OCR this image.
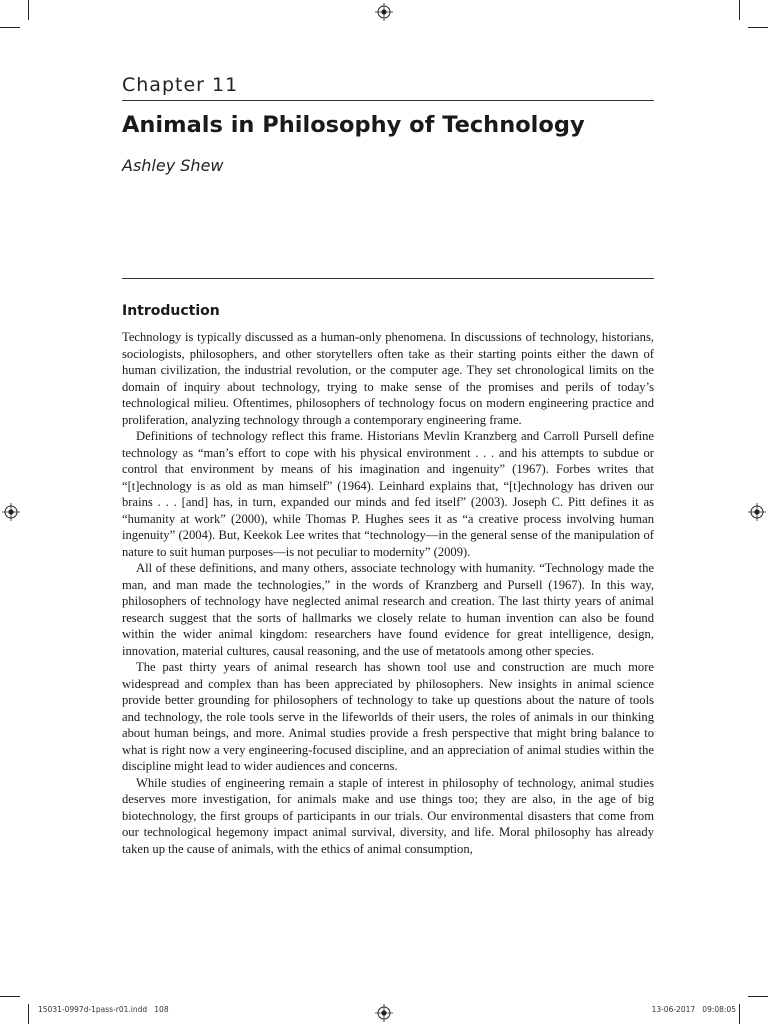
Chapter 11
Animals in Philosophy of Technology
Ashley Shew
Introduction

Technology is typically discussed as a human-only phenomena. In discussions of technology, historians, sociologists, philosophers, and other storytellers often take as their starting points either the dawn of human civilization, the industrial revolution, or the computer age. They set chronological limits on the domain of inquiry about technology, trying to make sense of the promises and perils of today’s technological milieu. Oftentimes, philosophers of technology focus on modern engineering practice and proliferation, analyzing technology through a contemporary engineering frame.

Definitions of technology reflect this frame. Historians Mevlin Kranzberg and Carroll Pursell define technology as “man’s effort to cope with his physical environment . . . and his attempts to subdue or control that environment by means of his imagination and ingenuity” (1967). Forbes writes that “[t]echnology is as old as man himself” (1964). Leinhard explains that, “[t]echnology has driven our brains . . . [and] has, in turn, expanded our minds and fed itself” (2003). Joseph C. Pitt defines it as “humanity at work” (2000), while Thomas P. Hughes sees it as “a creative process involving human ingenuity” (2004). But, Keekok Lee writes that “technology—in the general sense of the manipulation of nature to suit human purposes—is not peculiar to modernity” (2009).

All of these definitions, and many others, associate technology with humanity. “Technology made the man, and man made the technologies,” in the words of Kranzberg and Pursell (1967). In this way, philosophers of technology have neglected animal research and creation. The last thirty years of animal research suggest that the sorts of hallmarks we closely relate to human invention can also be found within the wider animal kingdom: researchers have found evidence for great intelligence, design, innovation, material cultures, causal reasoning, and the use of metatools among other species.

The past thirty years of animal research has shown tool use and construction are much more widespread and complex than has been appreciated by philosophers. New insights in animal science provide better grounding for philosophers of technology to take up questions about the nature of tools and technology, the role tools serve in the lifeworlds of their users, the roles of animals in our thinking about human beings, and more. Animal studies provide a fresh perspective that might bring balance to what is right now a very engineering-focused discipline, and an appreciation of animal studies within the discipline might lead to wider audiences and concerns.

While studies of engineering remain a staple of interest in philosophy of technology, animal studies deserves more investigation, for animals make and use things too; they are also, in the age of big biotechnology, the first groups of participants in our trials. Our environmental disasters that come from our technological hegemony impact animal survival, diversity, and life. Moral philosophy has already taken up the cause of animals, with the ethics of animal consumption,

15031-0997d-1pass-r01.indd   108	13-06-2017   09:08:05
